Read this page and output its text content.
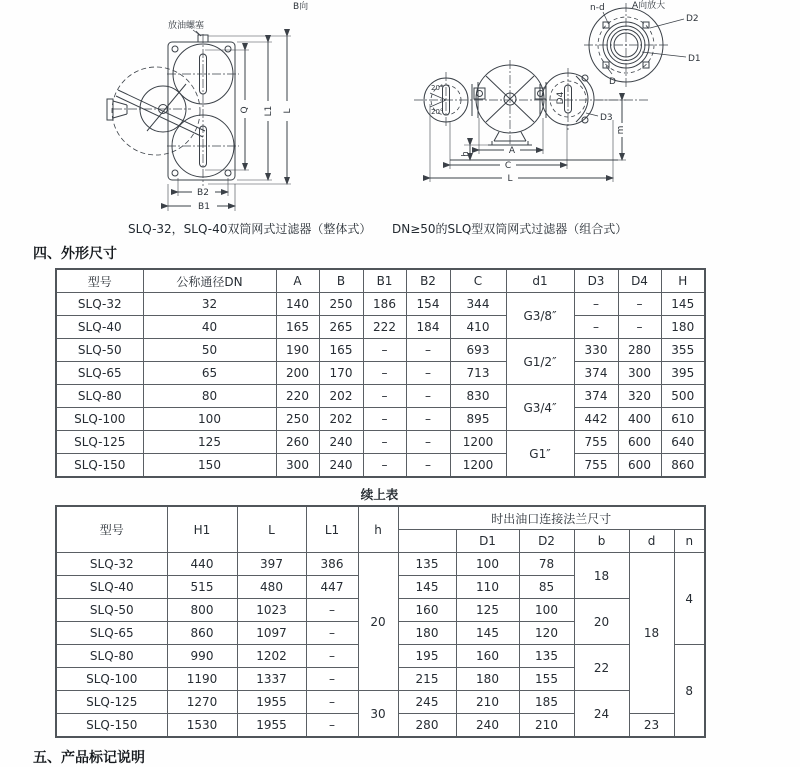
放油螺塞
B向
Q L1 L
B2
B1
A向放大
n-d
D2
D1
D
D3
D4
A
C
L
h
m
20°
20°
SLQ-32，SLQ-40双筒网式过滤器（整体式） DN≥50的SLQ型双筒网式过滤器（组合式）
四、外形尺寸
型号	公称通径DN	A	B	B1	B2	C	d1	D3	D4	H
SLQ-32	32	140	250	186	154	344	G3/8″	–	–	145
SLQ-40	40	165	265	222	184	410		–	–	180
SLQ-50	50	190	165	–	–	693	G1/2″	330	280	355
SLQ-65	65	200	170	–	–	713		374	300	395
SLQ-80	80	220	202	–	–	830	G3/4″	374	320	500
SLQ-100	100	250	202	–	–	895		442	400	610
SLQ-125	125	260	240	–	–	1200	G1″	755	600	640
SLQ-150	150	300	240	–	–	1200		755	600	860
续上表
型号	H1	L	L1	h	时出油口连接法兰尺寸					
						D1	D2	b	d	n
SLQ-32	440	397	386	20	135	100	78	18	18	4
SLQ-40	515	480	447		145	110	85			
SLQ-50	800	1023	–		160	125	100	20		
SLQ-65	860	1097	–		180	145	120			
SLQ-80	990	1202	–		195	160	135	22		8
SLQ-100	1190	1337	–		215	180	155			
SLQ-125	1270	1955	–	30	245	210	185	24		
SLQ-150	1530	1955	–		280	240	210		23	
五、产品标记说明
